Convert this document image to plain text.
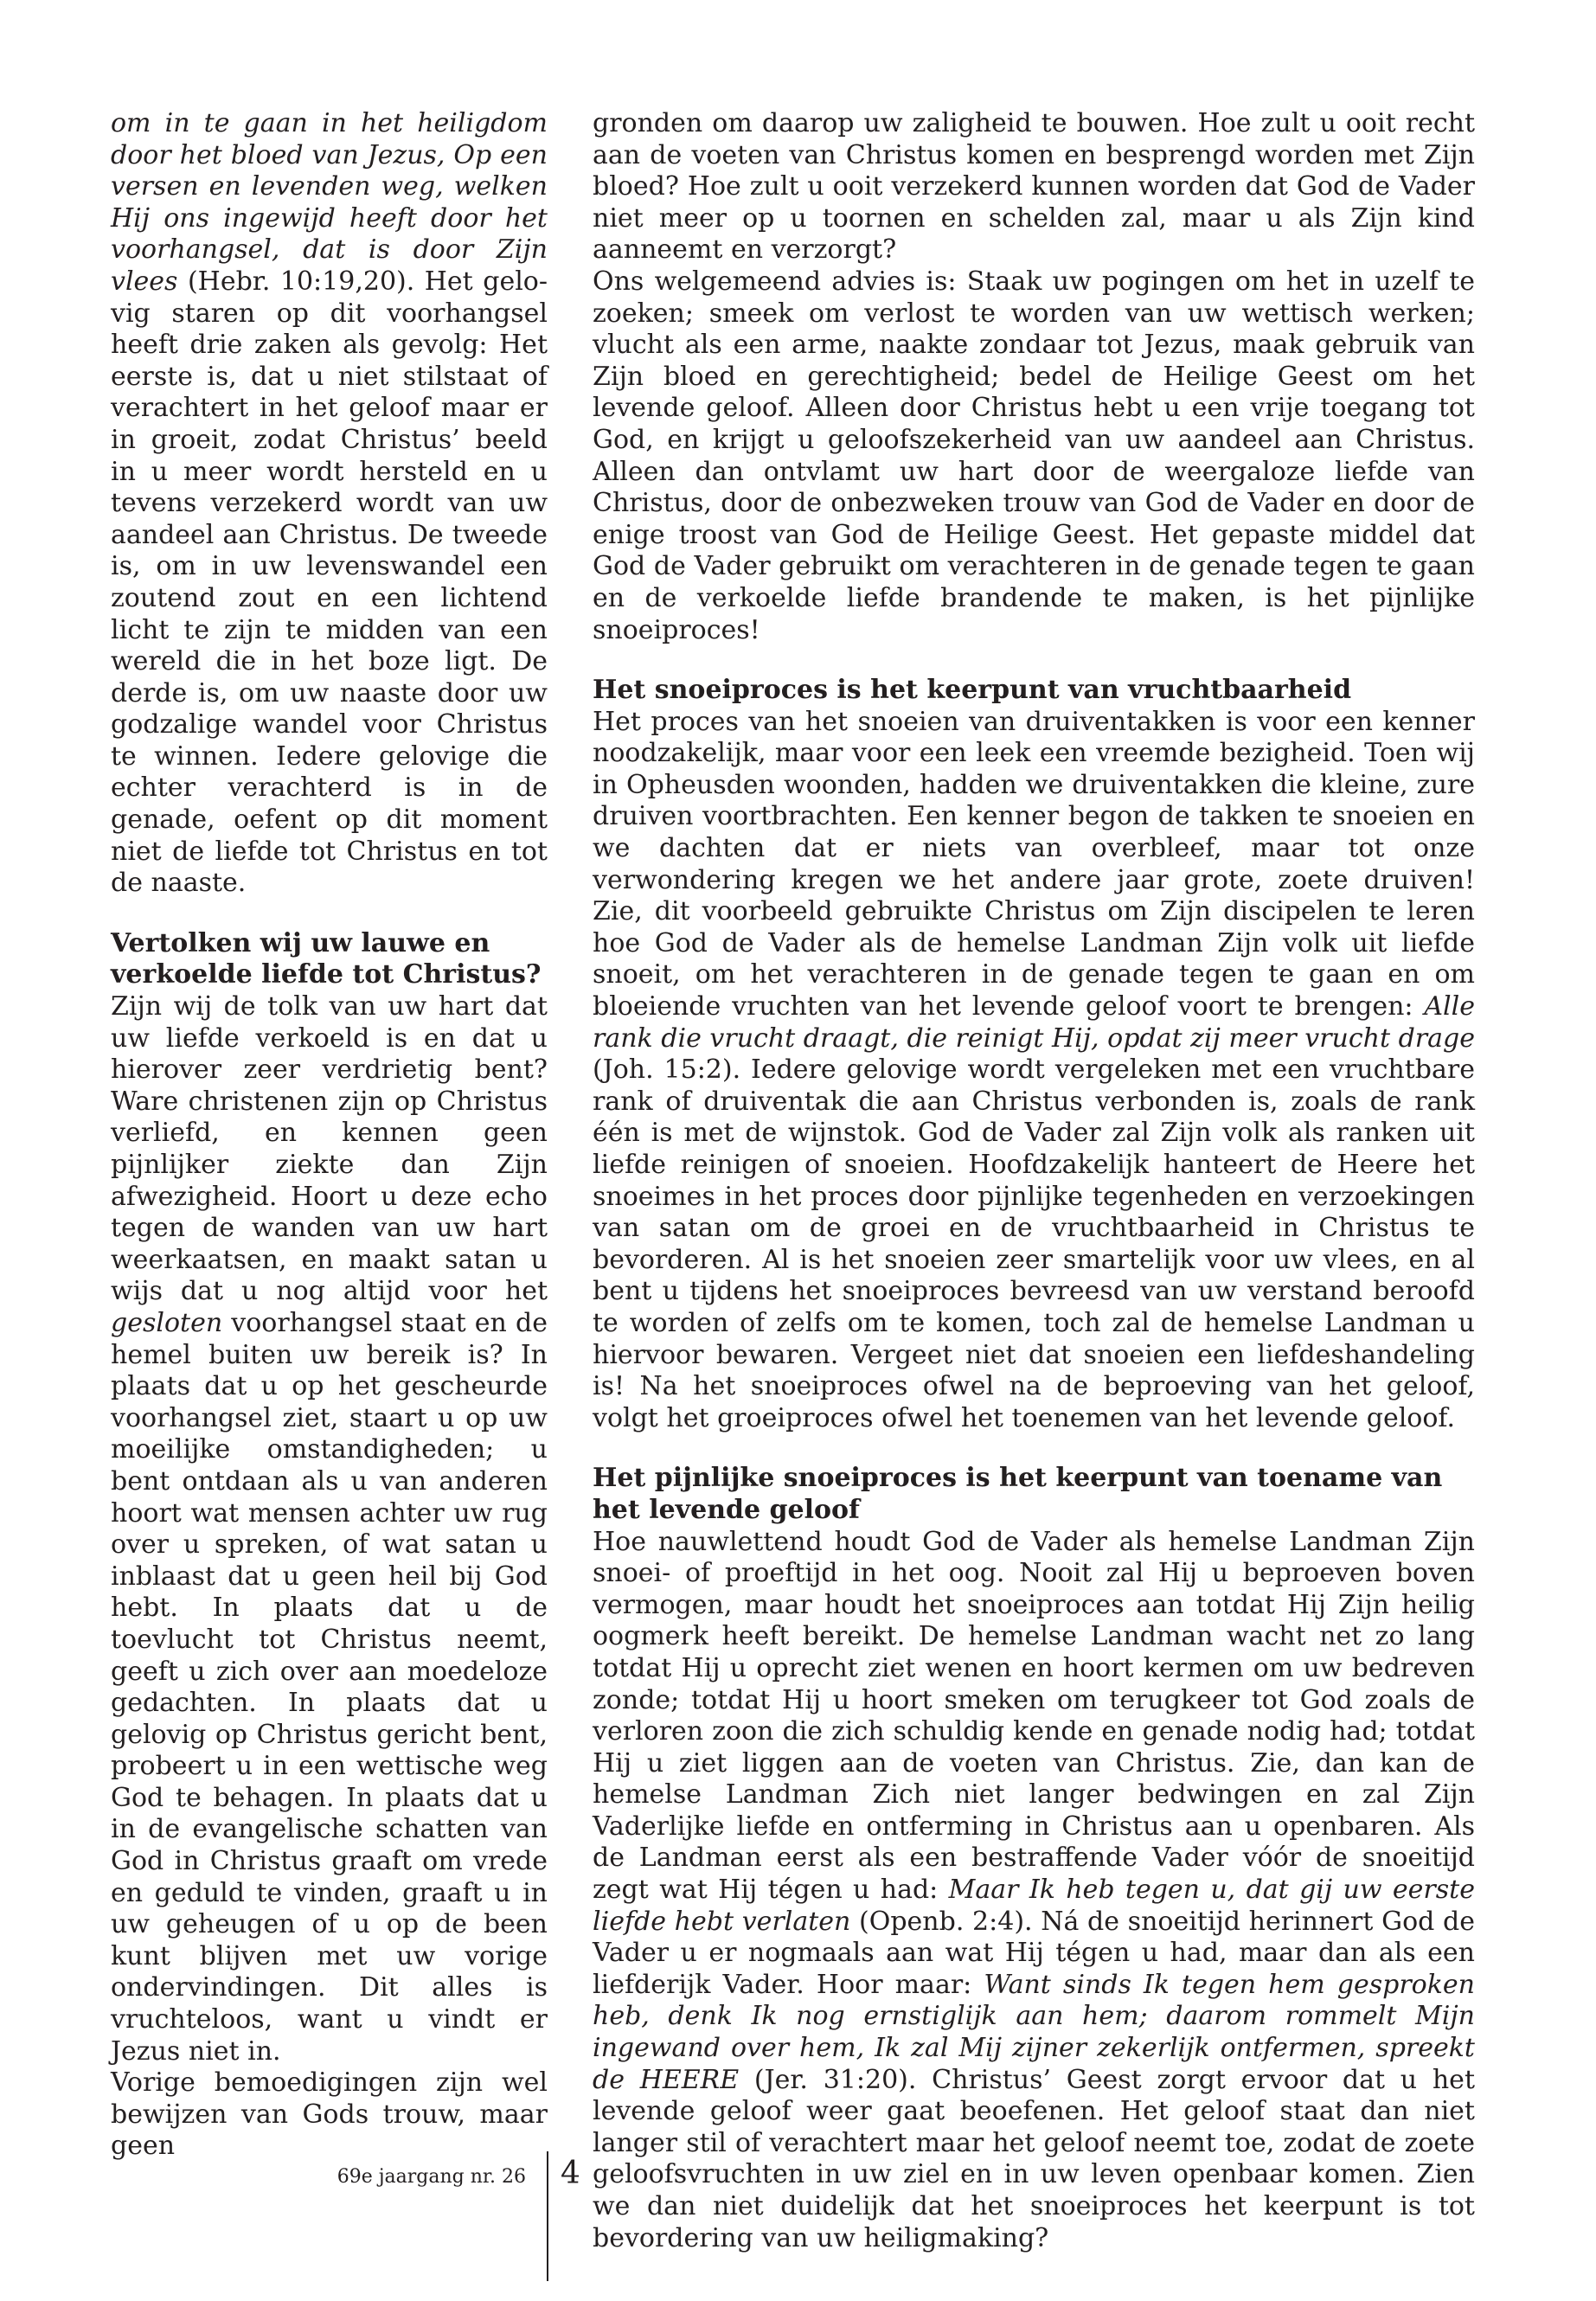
om in te gaan in het heiligdom door het bloed van Jezus, Op een versen en levenden weg, welken Hij ons ingewijd heeft door het voorhangsel, dat is door Zijn vlees (Hebr. 10:19,20). Het gelovig staren op dit voorhangsel heeft drie zaken als gevolg: Het eerste is, dat u niet stilstaat of verachtert in het geloof maar er in groeit, zodat Christus’ beeld in u meer wordt hersteld en u tevens verzekerd wordt van uw aandeel aan Christus. De tweede is, om in uw levenswandel een zoutend zout en een lichtend licht te zijn te midden van een wereld die in het boze ligt. De derde is, om uw naaste door uw godzalige wandel voor Christus te winnen. Iedere gelovige die echter verachterd is in de genade, oefent op dit moment niet de liefde tot Christus en tot de naaste.

Vertolken wij uw lauwe en verkoelde liefde tot Christus?

Zijn wij de tolk van uw hart dat uw liefde verkoeld is en dat u hierover zeer verdrietig bent? Ware christenen zijn op Christus verliefd, en kennen geen pijnlijker ziekte dan Zijn afwezigheid. Hoort u deze echo tegen de wanden van uw hart weerkaatsen, en maakt satan u wijs dat u nog altijd voor het gesloten voorhangsel staat en de hemel buiten uw bereik is? In plaats dat u op het gescheurde voorhangsel ziet, staart u op uw moeilijke omstandigheden; u bent ontdaan als u van anderen hoort wat mensen achter uw rug over u spreken, of wat satan u inblaast dat u geen heil bij God hebt. In plaats dat u de toevlucht tot Christus neemt, geeft u zich over aan moedeloze gedachten. In plaats dat u gelovig op Christus gericht bent, probeert u in een wettische weg God te behagen. In plaats dat u in de evangelische schatten van God in Christus graaft om vrede en geduld te vinden, graaft u in uw geheugen of u op de been kunt blijven met uw vorige ondervindingen. Dit alles is vruchteloos, want u vindt er Jezus niet in.

Vorige bemoedigingen zijn wel bewijzen van Gods trouw, maar geen

gronden om daarop uw zaligheid te bouwen. Hoe zult u ooit recht aan de voeten van Christus komen en besprengd worden met Zijn bloed? Hoe zult u ooit verzekerd kunnen worden dat God de Vader niet meer op u toornen en schelden zal, maar u als Zijn kind aanneemt en verzorgt?

Ons welgemeend advies is: Staak uw pogingen om het in uzelf te zoeken; smeek om verlost te worden van uw wettisch werken; vlucht als een arme, naakte zondaar tot Jezus, maak gebruik van Zijn bloed en gerechtigheid; bedel de Heilige Geest om het levende geloof. Alleen door Christus hebt u een vrije toegang tot God, en krijgt u geloofszekerheid van uw aandeel aan Christus. Alleen dan ontvlamt uw hart door de weergaloze liefde van Christus, door de onbezweken trouw van God de Vader en door de enige troost van God de Heilige Geest. Het gepaste middel dat God de Vader gebruikt om verachteren in de genade tegen te gaan en de verkoelde liefde brandende te maken, is het pijnlijke snoeiproces!

Het snoeiproces is het keerpunt van vruchtbaarheid

Het proces van het snoeien van druiventakken is voor een kenner noodzakelijk, maar voor een leek een vreemde bezigheid. Toen wij in Opheusden woonden, hadden we druiventakken die kleine, zure druiven voortbrachten. Een kenner begon de takken te snoeien en we dachten dat er niets van overbleef, maar tot onze verwondering kregen we het andere jaar grote, zoete druiven! Zie, dit voorbeeld gebruikte Christus om Zijn discipelen te leren hoe God de Vader als de hemelse Landman Zijn volk uit liefde snoeit, om het verachteren in de genade tegen te gaan en om bloeiende vruchten van het levende geloof voort te brengen: Alle rank die vrucht draagt, die reinigt Hij, opdat zij meer vrucht drage (Joh. 15:2). Iedere gelovige wordt vergeleken met een vruchtbare rank of druiventak die aan Christus verbonden is, zoals de rank één is met de wijnstok. God de Vader zal Zijn volk als ranken uit liefde reinigen of snoeien. Hoofdzakelijk hanteert de Heere het snoeimes in het proces door pijnlijke tegenheden en verzoekingen van satan om de groei en de vruchtbaarheid in Christus te bevorderen. Al is het snoeien zeer smartelijk voor uw vlees, en al bent u tijdens het snoeiproces bevreesd van uw verstand beroofd te worden of zelfs om te komen, toch zal de hemelse Landman u hiervoor bewaren. Vergeet niet dat snoeien een liefdeshandeling is! Na het snoeiproces ofwel na de beproeving van het geloof, volgt het groeiproces ofwel het toenemen van het levende geloof.

Het pijnlijke snoeiproces is het keerpunt van toename van het levende geloof

Hoe nauwlettend houdt God de Vader als hemelse Landman Zijn snoei- of proeftijd in het oog. Nooit zal Hij u beproeven boven vermogen, maar houdt het snoeiproces aan totdat Hij Zijn heilig oogmerk heeft bereikt. De hemelse Landman wacht net zo lang totdat Hij u oprecht ziet wenen en hoort kermen om uw bedreven zonde; totdat Hij u hoort smeken om terugkeer tot God zoals de verloren zoon die zich schuldig kende en genade nodig had; totdat Hij u ziet liggen aan de voeten van Christus. Zie, dan kan de hemelse Landman Zich niet langer bedwingen en zal Zijn Vaderlijke liefde en ontferming in Christus aan u openbaren. Als de Landman eerst als een bestraffende Vader vóór de snoeitijd zegt wat Hij tégen u had: Maar Ik heb tegen u, dat gij uw eerste liefde hebt verlaten (Openb. 2:4). Ná de snoeitijd herinnert God de Vader u er nogmaals aan wat Hij tégen u had, maar dan als een liefderijk Vader. Hoor maar: Want sinds Ik tegen hem gesproken heb, denk Ik nog ernstiglijk aan hem; daarom rommelt Mijn ingewand over hem, Ik zal Mij zijner zekerlijk ontfermen, spreekt de HEERE (Jer. 31:20). Christus’ Geest zorgt ervoor dat u het levende geloof weer gaat beoefenen. Het geloof staat dan niet langer stil of verachtert maar het geloof neemt toe, zodat de zoete geloofsvruchten in uw ziel en in uw leven openbaar komen. Zien we dan niet duidelijk dat het snoeiproces het keerpunt is tot bevordering van uw heiligmaking?

69e jaargang nr. 26 4
